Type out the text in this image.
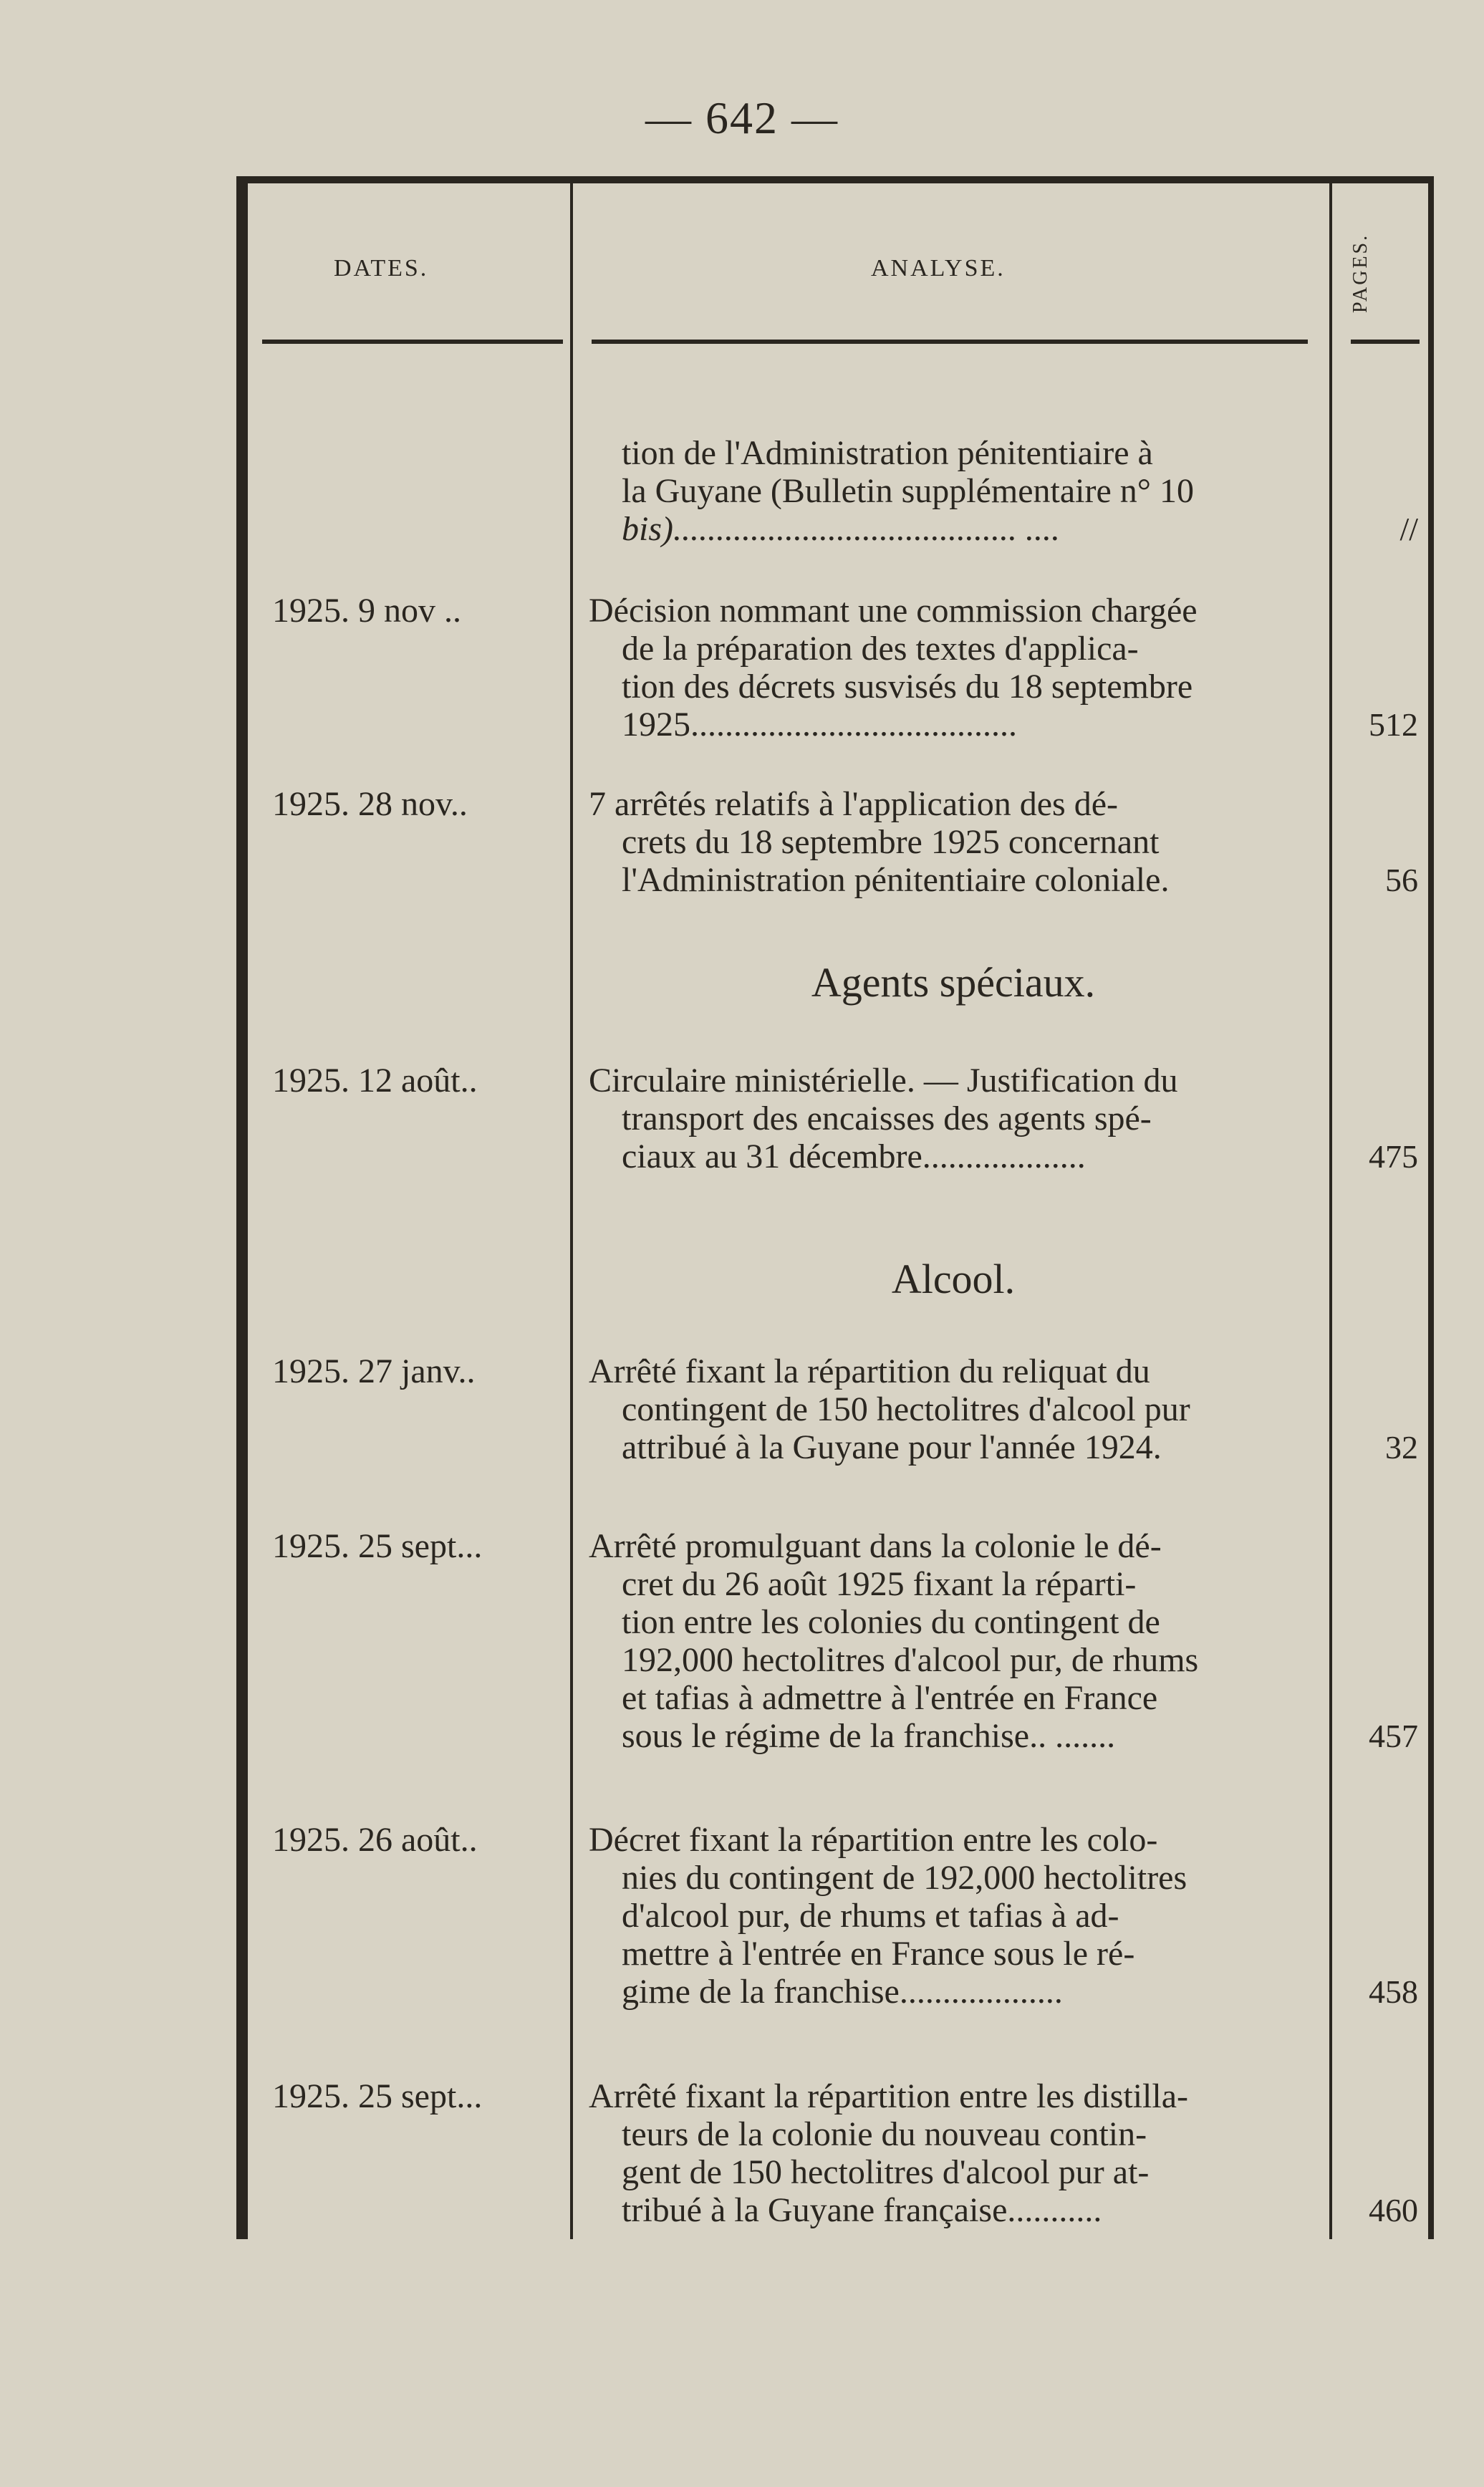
— 642 —
DATES.	ANALYSE.	PAGES.
tion de l'Administration pénitentiaire à
la Guyane (Bulletin supplémentaire n° 10
bis)........................................ ....	//
1925. 9 nov ..	Décision nommant une commission chargée
de la préparation des textes d'applica-
tion des décrets susvisés du 18 septembre
1925......................................	512
1925. 28 nov..	7 arrêtés relatifs à l'application des dé-
crets du 18 septembre 1925 concernant
l'Administration pénitentiaire coloniale.	56
Agents spéciaux.
1925. 12 août..	Circulaire ministérielle. — Justification du
transport des encaisses des agents spé-
ciaux au 31 décembre...................	475
Alcool.
1925. 27 janv..	Arrêté fixant la répartition du reliquat du
contingent de 150 hectolitres d'alcool pur
attribué à la Guyane pour l'année 1924.	32
1925. 25 sept...	Arrêté promulguant dans la colonie le dé-
cret du 26 août 1925 fixant la réparti-
tion entre les colonies du contingent de
192,000 hectolitres d'alcool pur, de rhums
et tafias à admettre à l'entrée en France
sous le régime de la franchise.. .......	457
1925. 26 août..	Décret fixant la répartition entre les colo-
nies du contingent de 192,000 hectolitres
d'alcool pur, de rhums et tafias à ad-
mettre à l'entrée en France sous le ré-
gime de la franchise...................	458
1925. 25 sept...	Arrêté fixant la répartition entre les distilla-
teurs de la colonie du nouveau contin-
gent de 150 hectolitres d'alcool pur at-
tribué à la Guyane française...........	460
